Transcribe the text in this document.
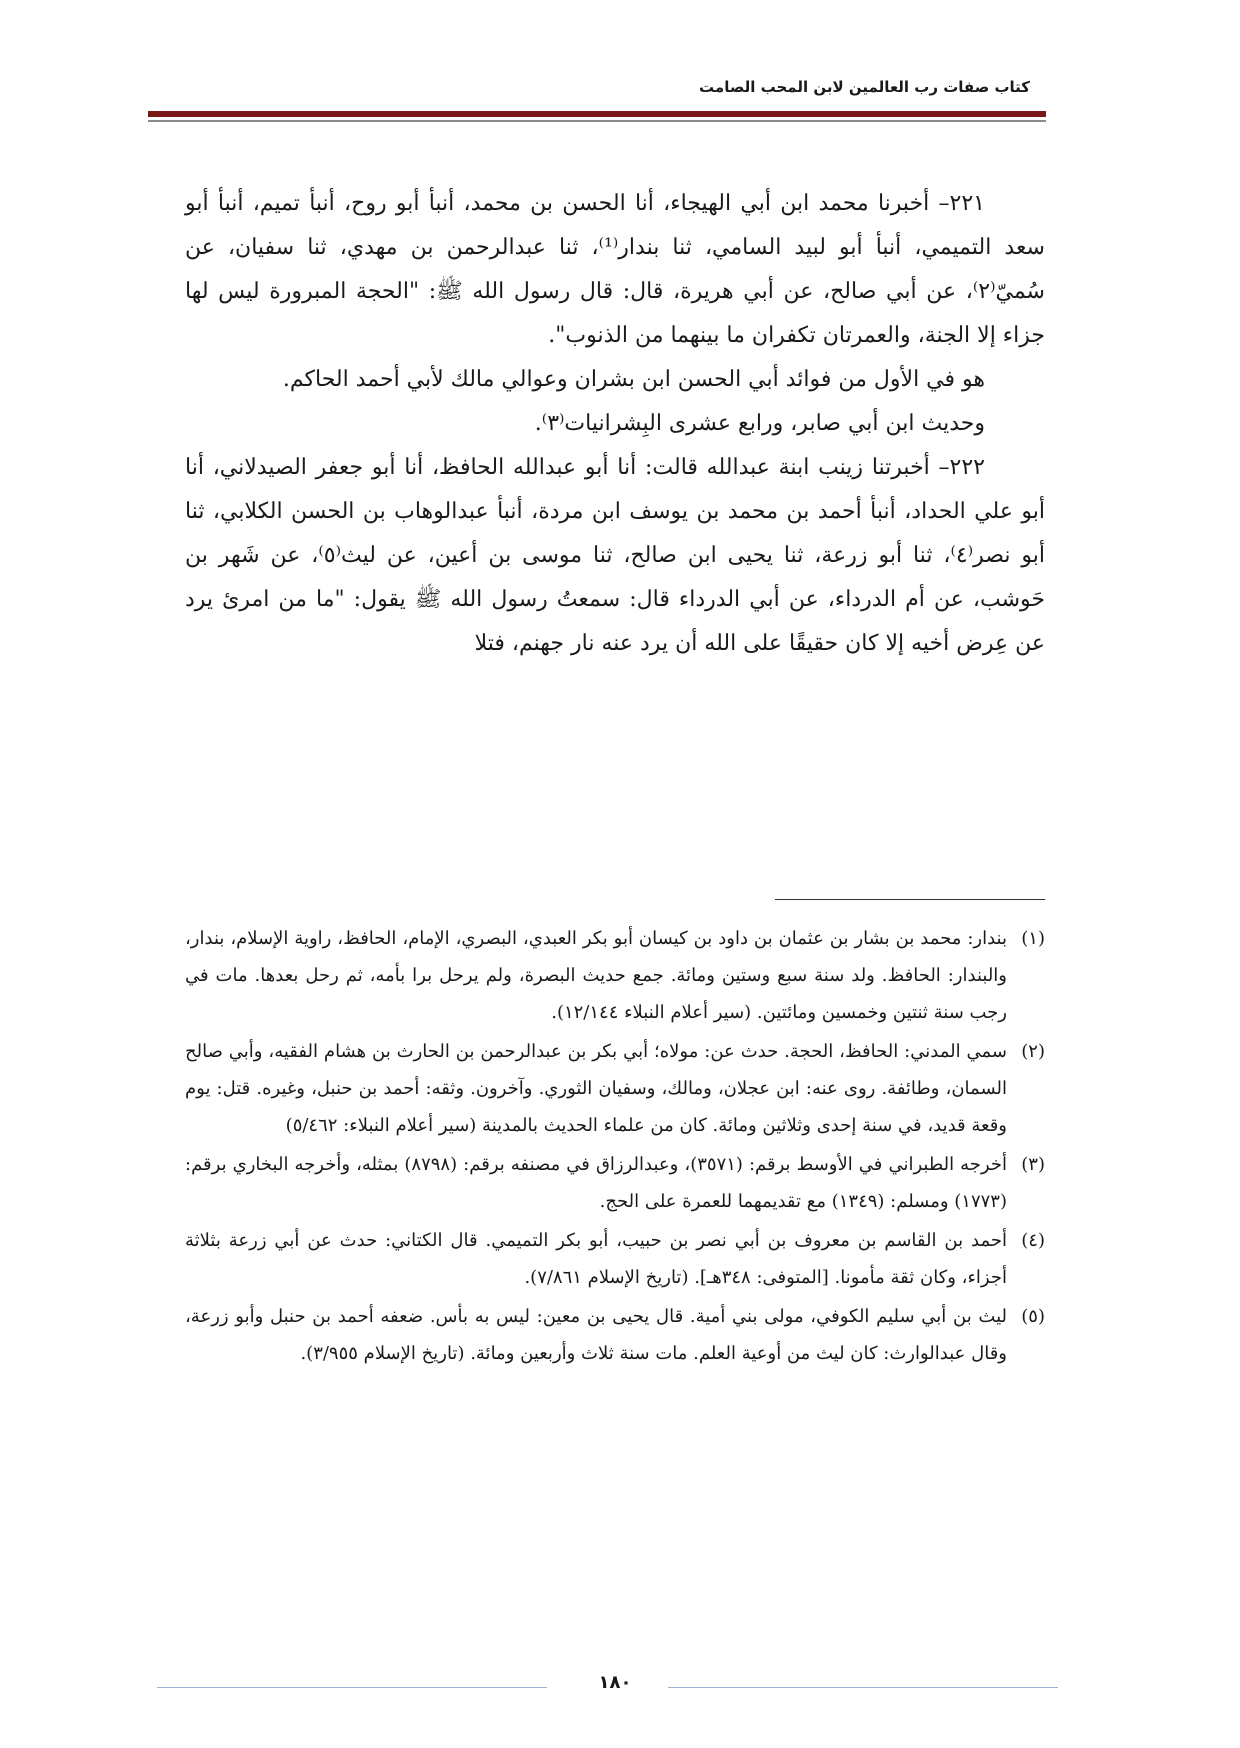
كتاب صفات رب العالمين لابن المحب الصامت

٢٢١– أخبرنا محمد ابن أبي الهيجاء، أنا الحسن بن محمد، أنبأ أبو روح، أنبأ تميم، أنبأ أبو سعد التميمي، أنبأ أبو لبيد السامي، ثنا بندار⁽¹⁾، ثنا عبدالرحمن بن مهدي، ثنا سفيان، عن سُميّ⁽٢⁾، عن أبي صالح، عن أبي هريرة، قال: قال رسول الله ﷺ: "الحجة المبرورة ليس لها جزاء إلا الجنة، والعمرتان تكفران ما بينهما من الذنوب".

هو في الأول من فوائد أبي الحسن ابن بشران وعوالي مالك لأبي أحمد الحاكم.

وحديث ابن أبي صابر، ورابع عشرى البِشرانيات⁽٣⁾.

٢٢٢– أخبرتنا زينب ابنة عبدالله قالت: أنا أبو عبدالله الحافظ، أنا أبو جعفر الصيدلاني، أنا أبو علي الحداد، أنبأ أحمد بن محمد بن يوسف ابن مردة، أنبأ عبدالوهاب بن الحسن الكلابي، ثنا أبو نصر⁽٤⁾، ثنا أبو زرعة، ثنا يحيى ابن صالح، ثنا موسى بن أعين، عن ليث⁽٥⁾، عن شَهر بن حَوشب، عن أم الدرداء، عن أبي الدرداء قال: سمعتُ رسول الله ﷺ يقول: "ما من امرئ يرد عن عِرض أخيه إلا كان حقيقًا على الله أن يرد عنه نار جهنم، فتلا

(١)بندار: محمد بن بشار بن عثمان بن داود بن كيسان أبو بكر العبدي، البصري، الإمام، الحافظ، راوية الإسلام، بندار، والبندار: الحافظ. ولد سنة سبع وستين ومائة. جمع حديث البصرة، ولم يرحل برا بأمه، ثم رحل بعدها. مات في رجب سنة ثنتين وخمسين ومائتين. (سير أعلام النبلاء ١٢/١٤٤).

(٢)سمي المدني: الحافظ، الحجة. حدث عن: مولاه؛ أبي بكر بن عبدالرحمن بن الحارث بن هشام الفقيه، وأبي صالح السمان، وطائفة. روى عنه: ابن عجلان، ومالك، وسفيان الثوري. وآخرون. وثقه: أحمد بن حنبل، وغيره. قتل: يوم وقعة قديد، في سنة إحدى وثلاثين ومائة. كان من علماء الحديث بالمدينة (سير أعلام النبلاء: ٥/٤٦٢)

(٣)أخرجه الطبراني في الأوسط برقم: (٣٥٧١)، وعبدالرزاق في مصنفه برقم: (٨٧٩٨) بمثله، وأخرجه البخاري برقم: (١٧٧٣) ومسلم: (١٣٤٩) مع تقديمهما للعمرة على الحج.

(٤)أحمد بن القاسم بن معروف بن أبي نصر بن حبيب، أبو بكر التميمي. قال الكتاني: حدث عن أبي زرعة بثلاثة أجزاء، وكان ثقة مأمونا. [المتوفى: ٣٤٨هـ]. (تاريخ الإسلام ٧/٨٦١).

(٥)ليث بن أبي سليم الكوفي، مولى بني أمية. قال يحيى بن معين: ليس به بأس. ضعفه أحمد بن حنبل وأبو زرعة، وقال عبدالوارث: كان ليث من أوعية العلم. مات سنة ثلاث وأربعين ومائة. (تاريخ الإسلام ٣/٩٥٥).

١٨٠
